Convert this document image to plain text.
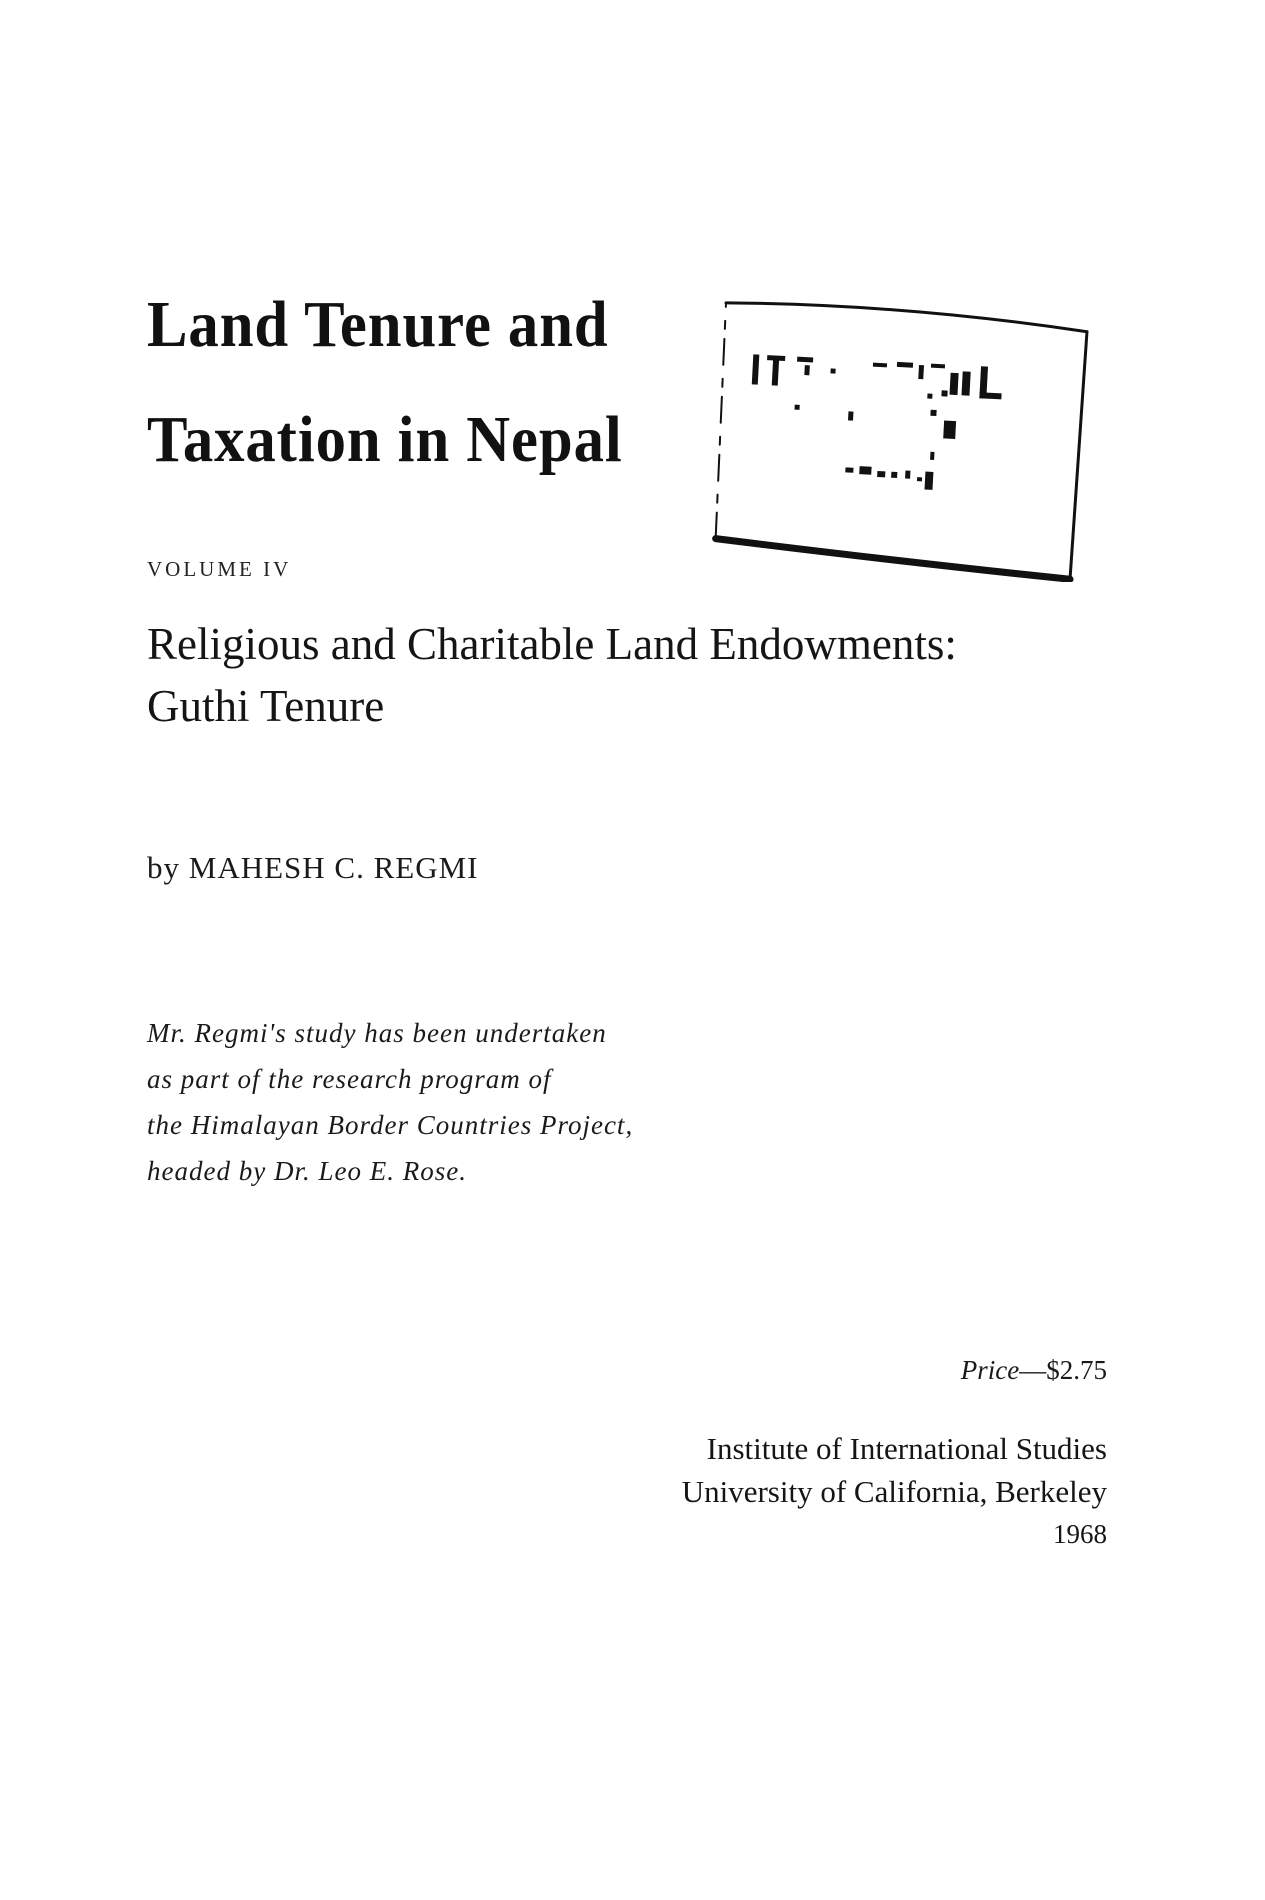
Land Tenure and
Taxation in Nepal
VOLUME IV
Religious and Charitable Land Endowments:
Guthi Tenure
by MAHESH C. REGMI
Mr. Regmi's study has been undertaken
as part of the research program of
the Himalayan Border Countries Project,
headed by Dr. Leo E. Rose.
Price—$2.75
Institute of International Studies
University of California, Berkeley
1968
